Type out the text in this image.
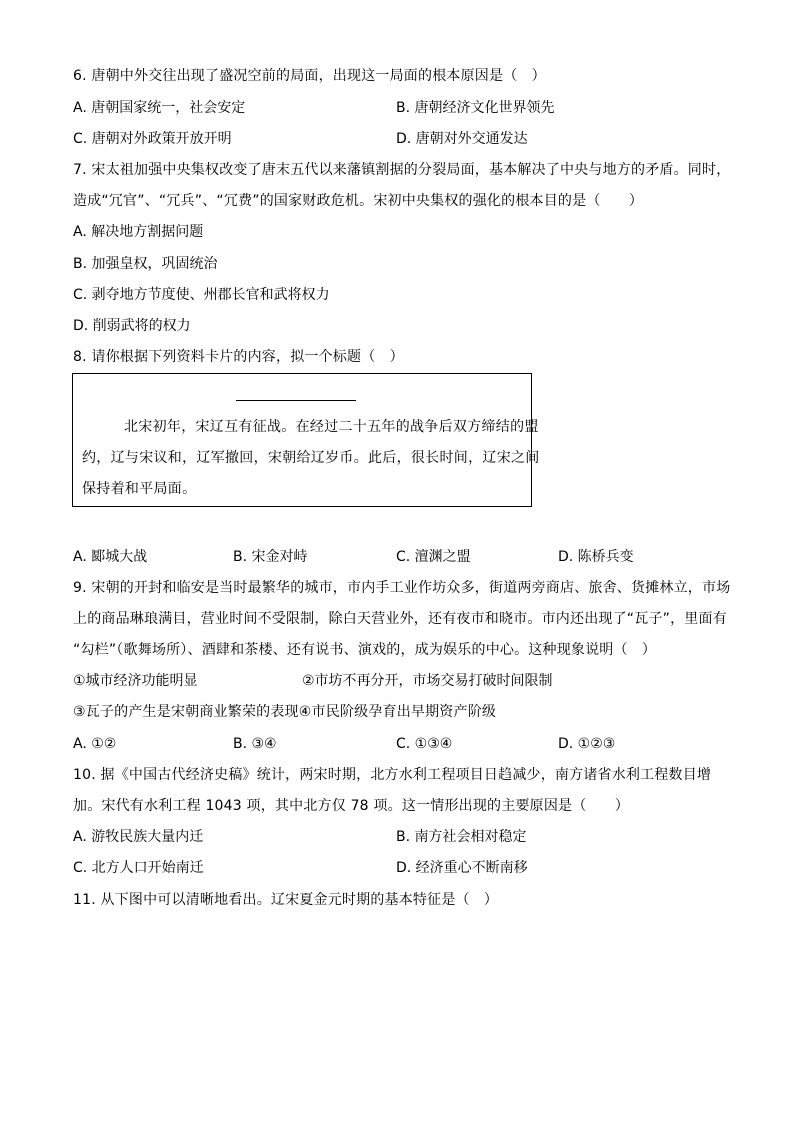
6. 唐朝中外交往出现了盛况空前的局面，出现这一局面的根本原因是（　）
A. 唐朝国家统一，社会安定	B. 唐朝经济文化世界领先
C. 唐朝对外政策开放开明	D. 唐朝对外交通发达
7. 宋太祖加强中央集权改变了唐末五代以来藩镇割据的分裂局面，基本解决了中央与地方的矛盾。同时，
造成“冗官”、“冗兵”、“冗费”的国家财政危机。宋初中央集权的强化的根本目的是（　　）
A. 解决地方割据问题
B. 加强皇权，巩固统治
C. 剥夺地方节度使、州郡长官和武将权力
D. 削弱武将的权力
8. 请你根据下列资料卡片的内容，拟一个标题（　）
北宋初年，宋辽互有征战。在经过二十五年的战争后双方缔结的盟
约，辽与宋议和，辽军撤回，宋朝给辽岁币。此后，很长时间，辽宋之间
保持着和平局面。
A. 郾城大战	B. 宋金对峙	C. 澶渊之盟	D. 陈桥兵变
9. 宋朝的开封和临安是当时最繁华的城市，市内手工业作坊众多，街道两旁商店、旅舍、货摊林立，市场
上的商品琳琅满目，营业时间不受限制，除白天营业外，还有夜市和晓市。市内还出现了“瓦子”，里面有
“勾栏”（歌舞场所）、酒肆和茶楼、还有说书、演戏的，成为娱乐的中心。这种现象说明（　）
①城市经济功能明显	②市坊不再分开，市场交易打破时间限制
③瓦子的产生是宋朝商业繁荣的表现④市民阶级孕育出早期资产阶级
A. ①②	B. ③④	C. ①③④	D. ①②③
10. 据《中国古代经济史稿》统计，两宋时期，北方水利工程项目日趋减少，南方诸省水利工程数目增
加。宋代有水利工程 1043 项，其中北方仅 78 项。这一情形出现的主要原因是（　　）
A. 游牧民族大量内迁	B. 南方社会相对稳定
C. 北方人口开始南迁	D. 经济重心不断南移
11. 从下图中可以清晰地看出。辽宋夏金元时期的基本特征是（　）
